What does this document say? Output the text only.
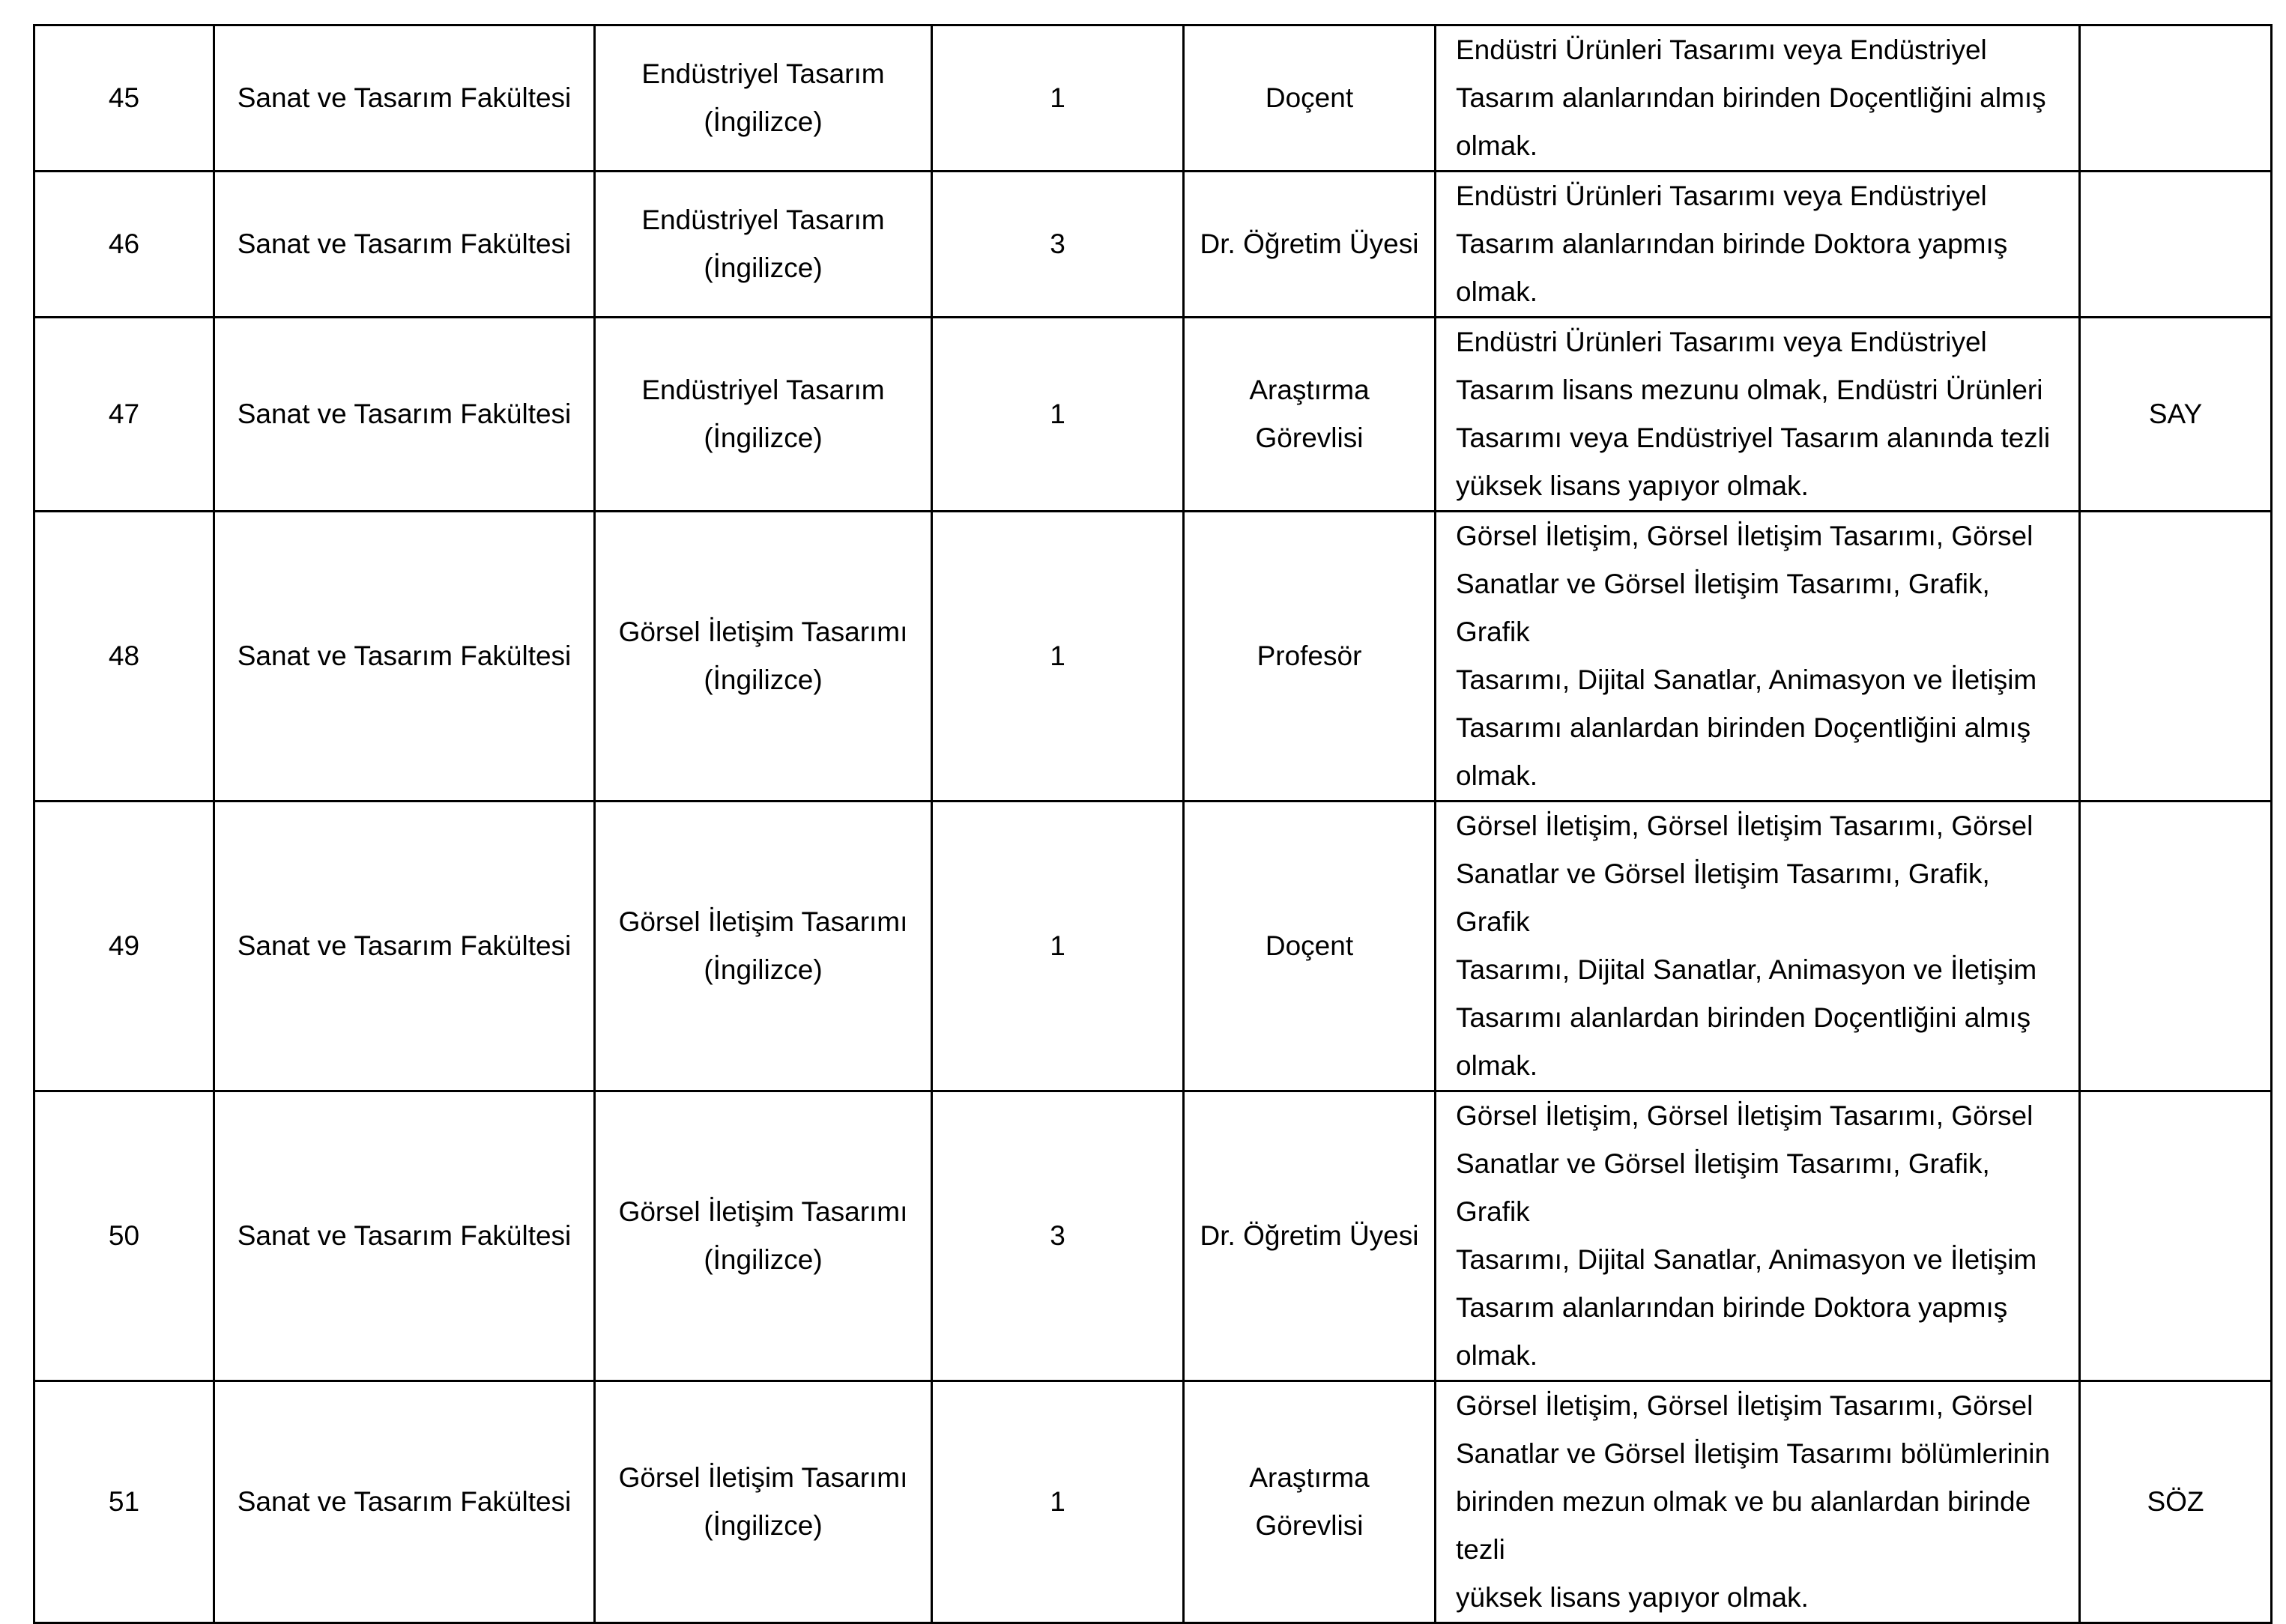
45	Sanat ve Tasarım Fakültesi	Endüstriyel Tasarım
(İngilizce)	1	Doçent	Endüstri Ürünleri Tasarımı veya Endüstriyel
Tasarım alanlarından birinden Doçentliğini almış
olmak.	
46	Sanat ve Tasarım Fakültesi	Endüstriyel Tasarım
(İngilizce)	3	Dr. Öğretim Üyesi	Endüstri Ürünleri Tasarımı veya Endüstriyel
Tasarım alanlarından birinde Doktora yapmış
olmak.	
47	Sanat ve Tasarım Fakültesi	Endüstriyel Tasarım
(İngilizce)	1	Araştırma
Görevlisi	Endüstri Ürünleri Tasarımı veya Endüstriyel
Tasarım lisans mezunu olmak, Endüstri Ürünleri
Tasarımı veya Endüstriyel Tasarım alanında tezli
yüksek lisans yapıyor olmak.	SAY
48	Sanat ve Tasarım Fakültesi	Görsel İletişim Tasarımı
(İngilizce)	1	Profesör	Görsel İletişim, Görsel İletişim Tasarımı, Görsel
Sanatlar ve Görsel İletişim Tasarımı, Grafik, Grafik
Tasarımı, Dijital Sanatlar, Animasyon ve İletişim
Tasarımı alanlardan birinden Doçentliğini almış
olmak.	
49	Sanat ve Tasarım Fakültesi	Görsel İletişim Tasarımı
(İngilizce)	1	Doçent	Görsel İletişim, Görsel İletişim Tasarımı, Görsel
Sanatlar ve Görsel İletişim Tasarımı, Grafik, Grafik
Tasarımı, Dijital Sanatlar, Animasyon ve İletişim
Tasarımı alanlardan birinden Doçentliğini almış
olmak.	
50	Sanat ve Tasarım Fakültesi	Görsel İletişim Tasarımı
(İngilizce)	3	Dr. Öğretim Üyesi	Görsel İletişim, Görsel İletişim Tasarımı, Görsel
Sanatlar ve Görsel İletişim Tasarımı, Grafik, Grafik
Tasarımı, Dijital Sanatlar, Animasyon ve İletişim
Tasarım alanlarından birinde Doktora yapmış
olmak.	
51	Sanat ve Tasarım Fakültesi	Görsel İletişim Tasarımı
(İngilizce)	1	Araştırma
Görevlisi	Görsel İletişim, Görsel İletişim Tasarımı, Görsel
Sanatlar ve Görsel İletişim Tasarımı bölümlerinin
birinden mezun olmak ve bu alanlardan birinde tezli
yüksek lisans yapıyor olmak.	SÖZ
